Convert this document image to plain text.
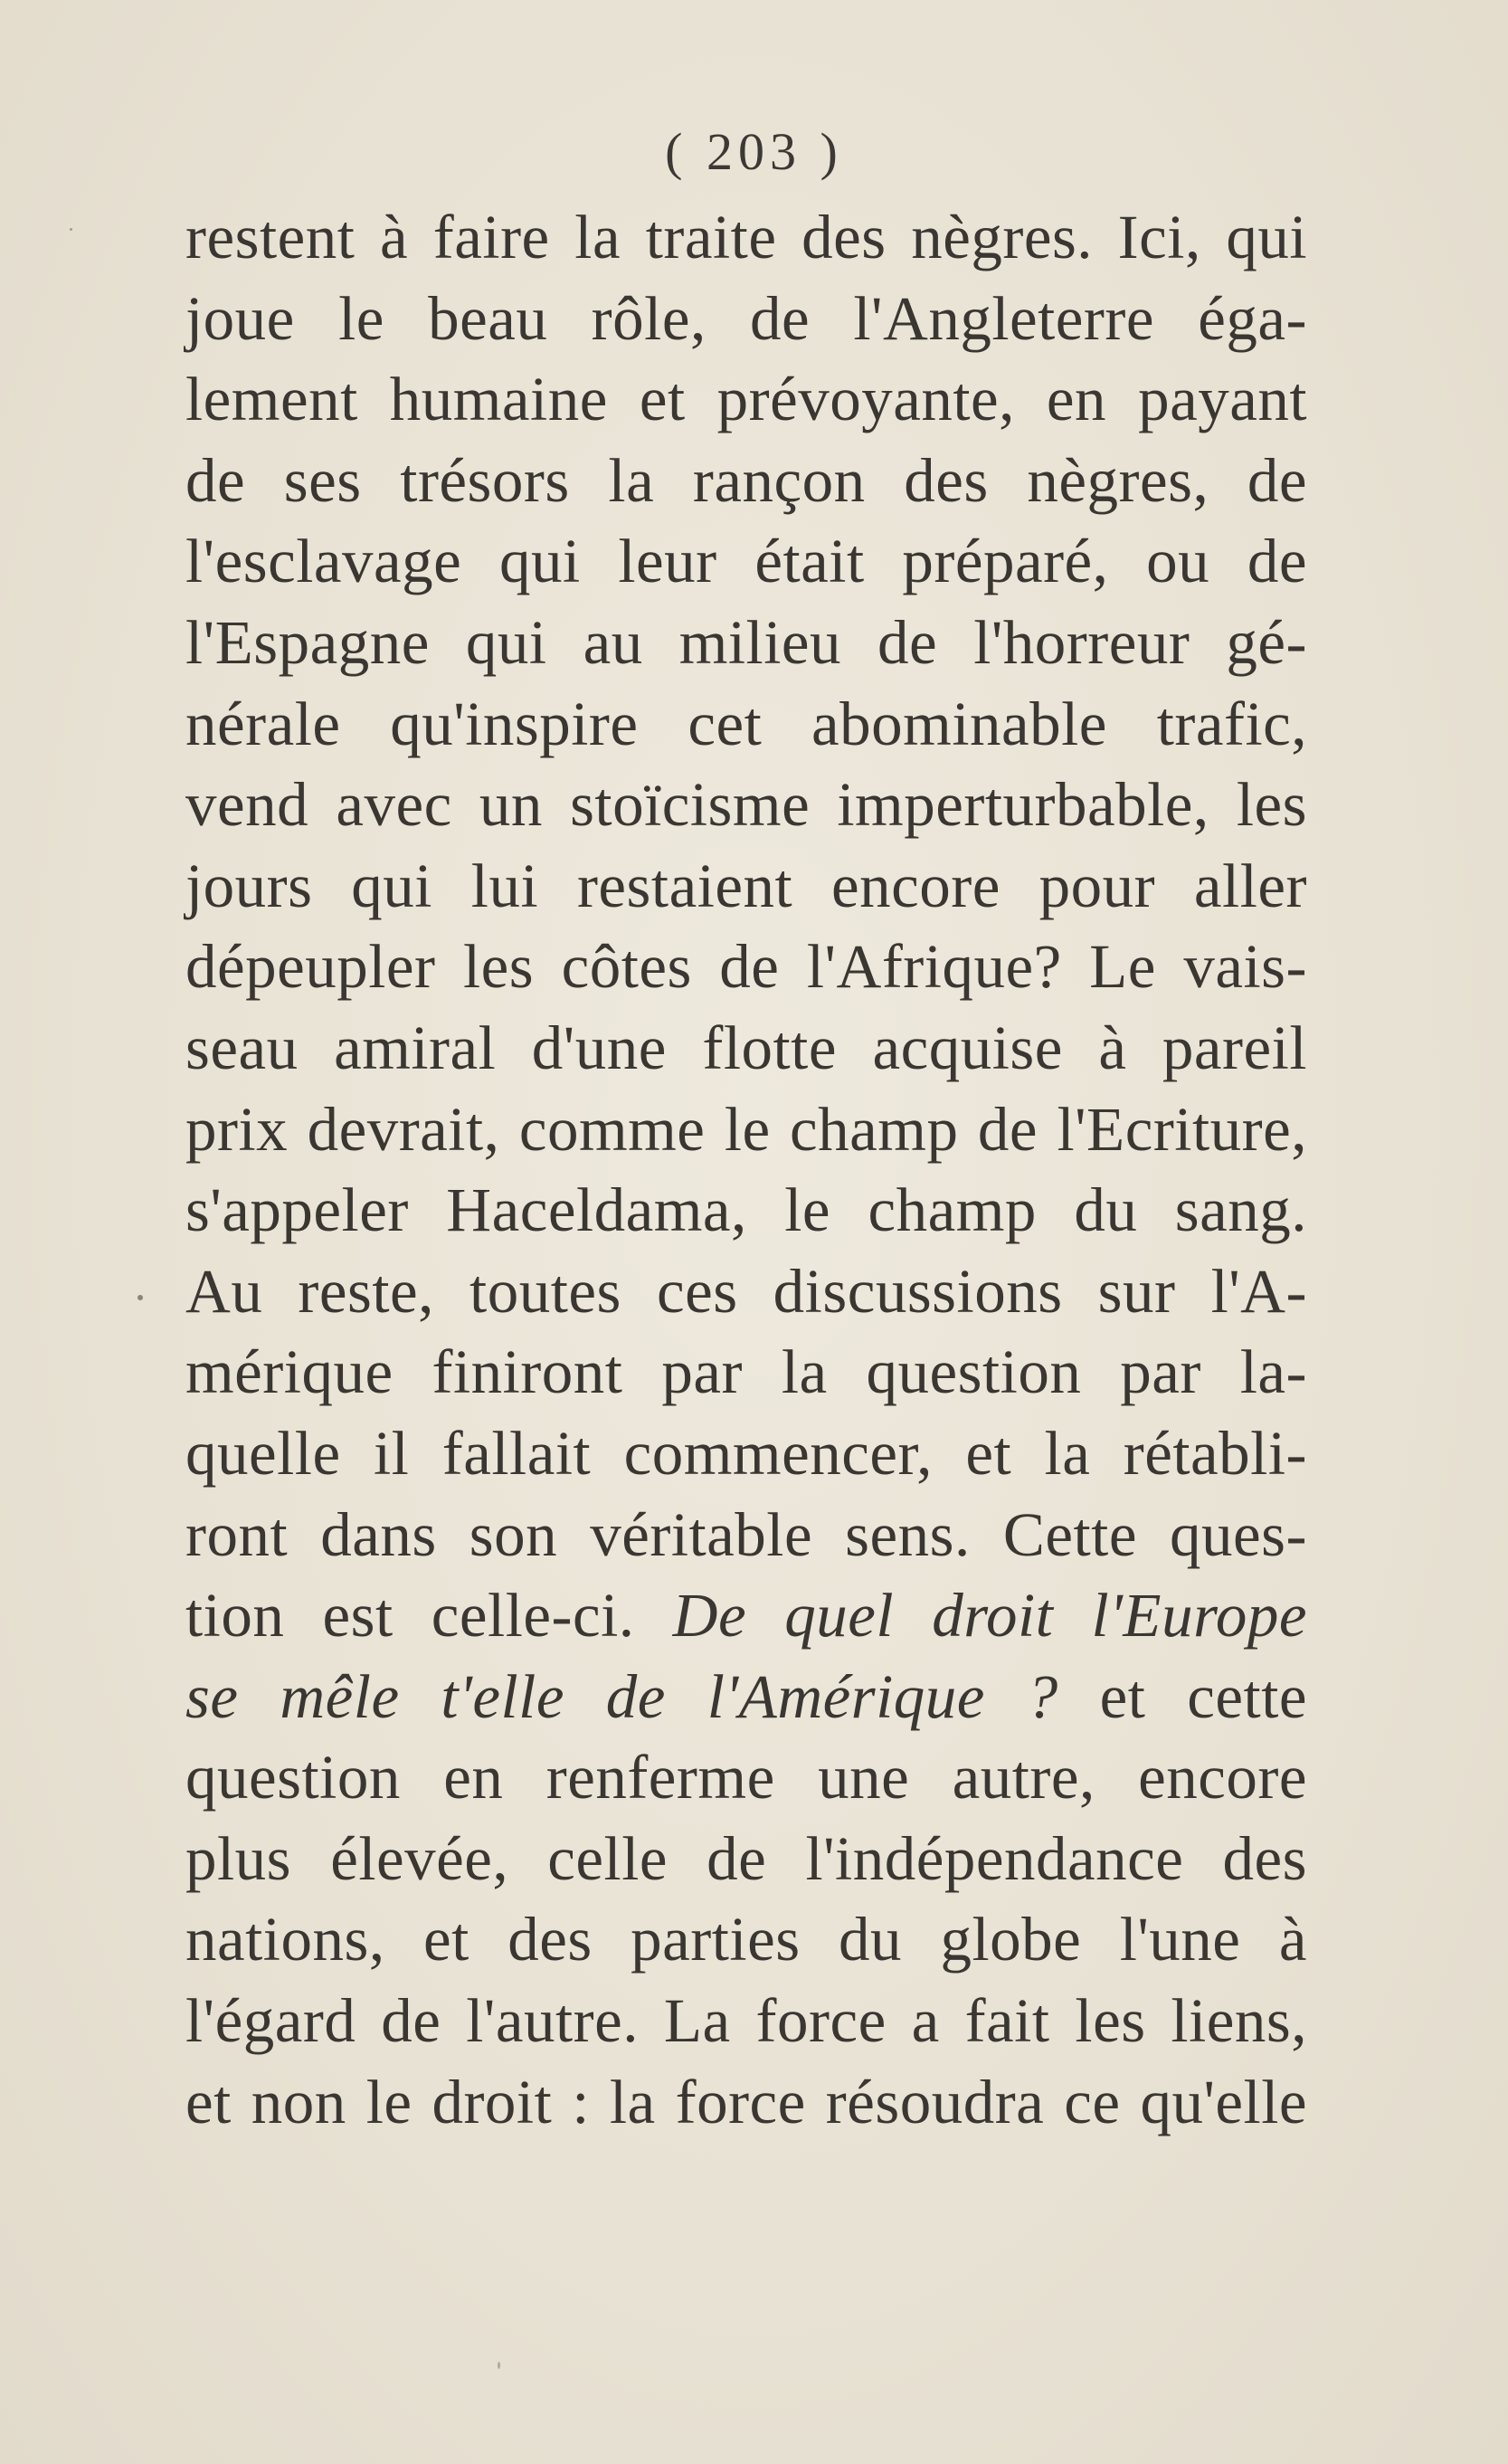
( 203 )
restent à faire la traite des nègres. Ici, qui
joue le beau rôle, de l'Angleterre éga-
lement humaine et prévoyante, en payant
de ses trésors la rançon des nègres, de
l'esclavage qui leur était préparé, ou de
l'Espagne qui au milieu de l'horreur gé-
nérale qu'inspire cet abominable trafic,
vend avec un stoïcisme imperturbable, les
jours qui lui restaient encore pour aller
dépeupler les côtes de l'Afrique? Le vais-
seau amiral d'une flotte acquise à pareil
prix devrait, comme le champ de l'Ecriture,
s'appeler Haceldama, le champ du sang.
Au reste, toutes ces discussions sur l'A-
mérique finiront par la question par la-
quelle il fallait commencer, et la rétabli-
ront dans son véritable sens. Cette ques-
tion est celle-ci. De quel droit l'Europe
se mêle t'elle de l'Amérique ? et cette
question en renferme une autre, encore
plus élevée, celle de l'indépendance des
nations, et des parties du globe l'une à
l'égard de l'autre. La force a fait les liens,
et non le droit : la force résoudra ce qu'elle
